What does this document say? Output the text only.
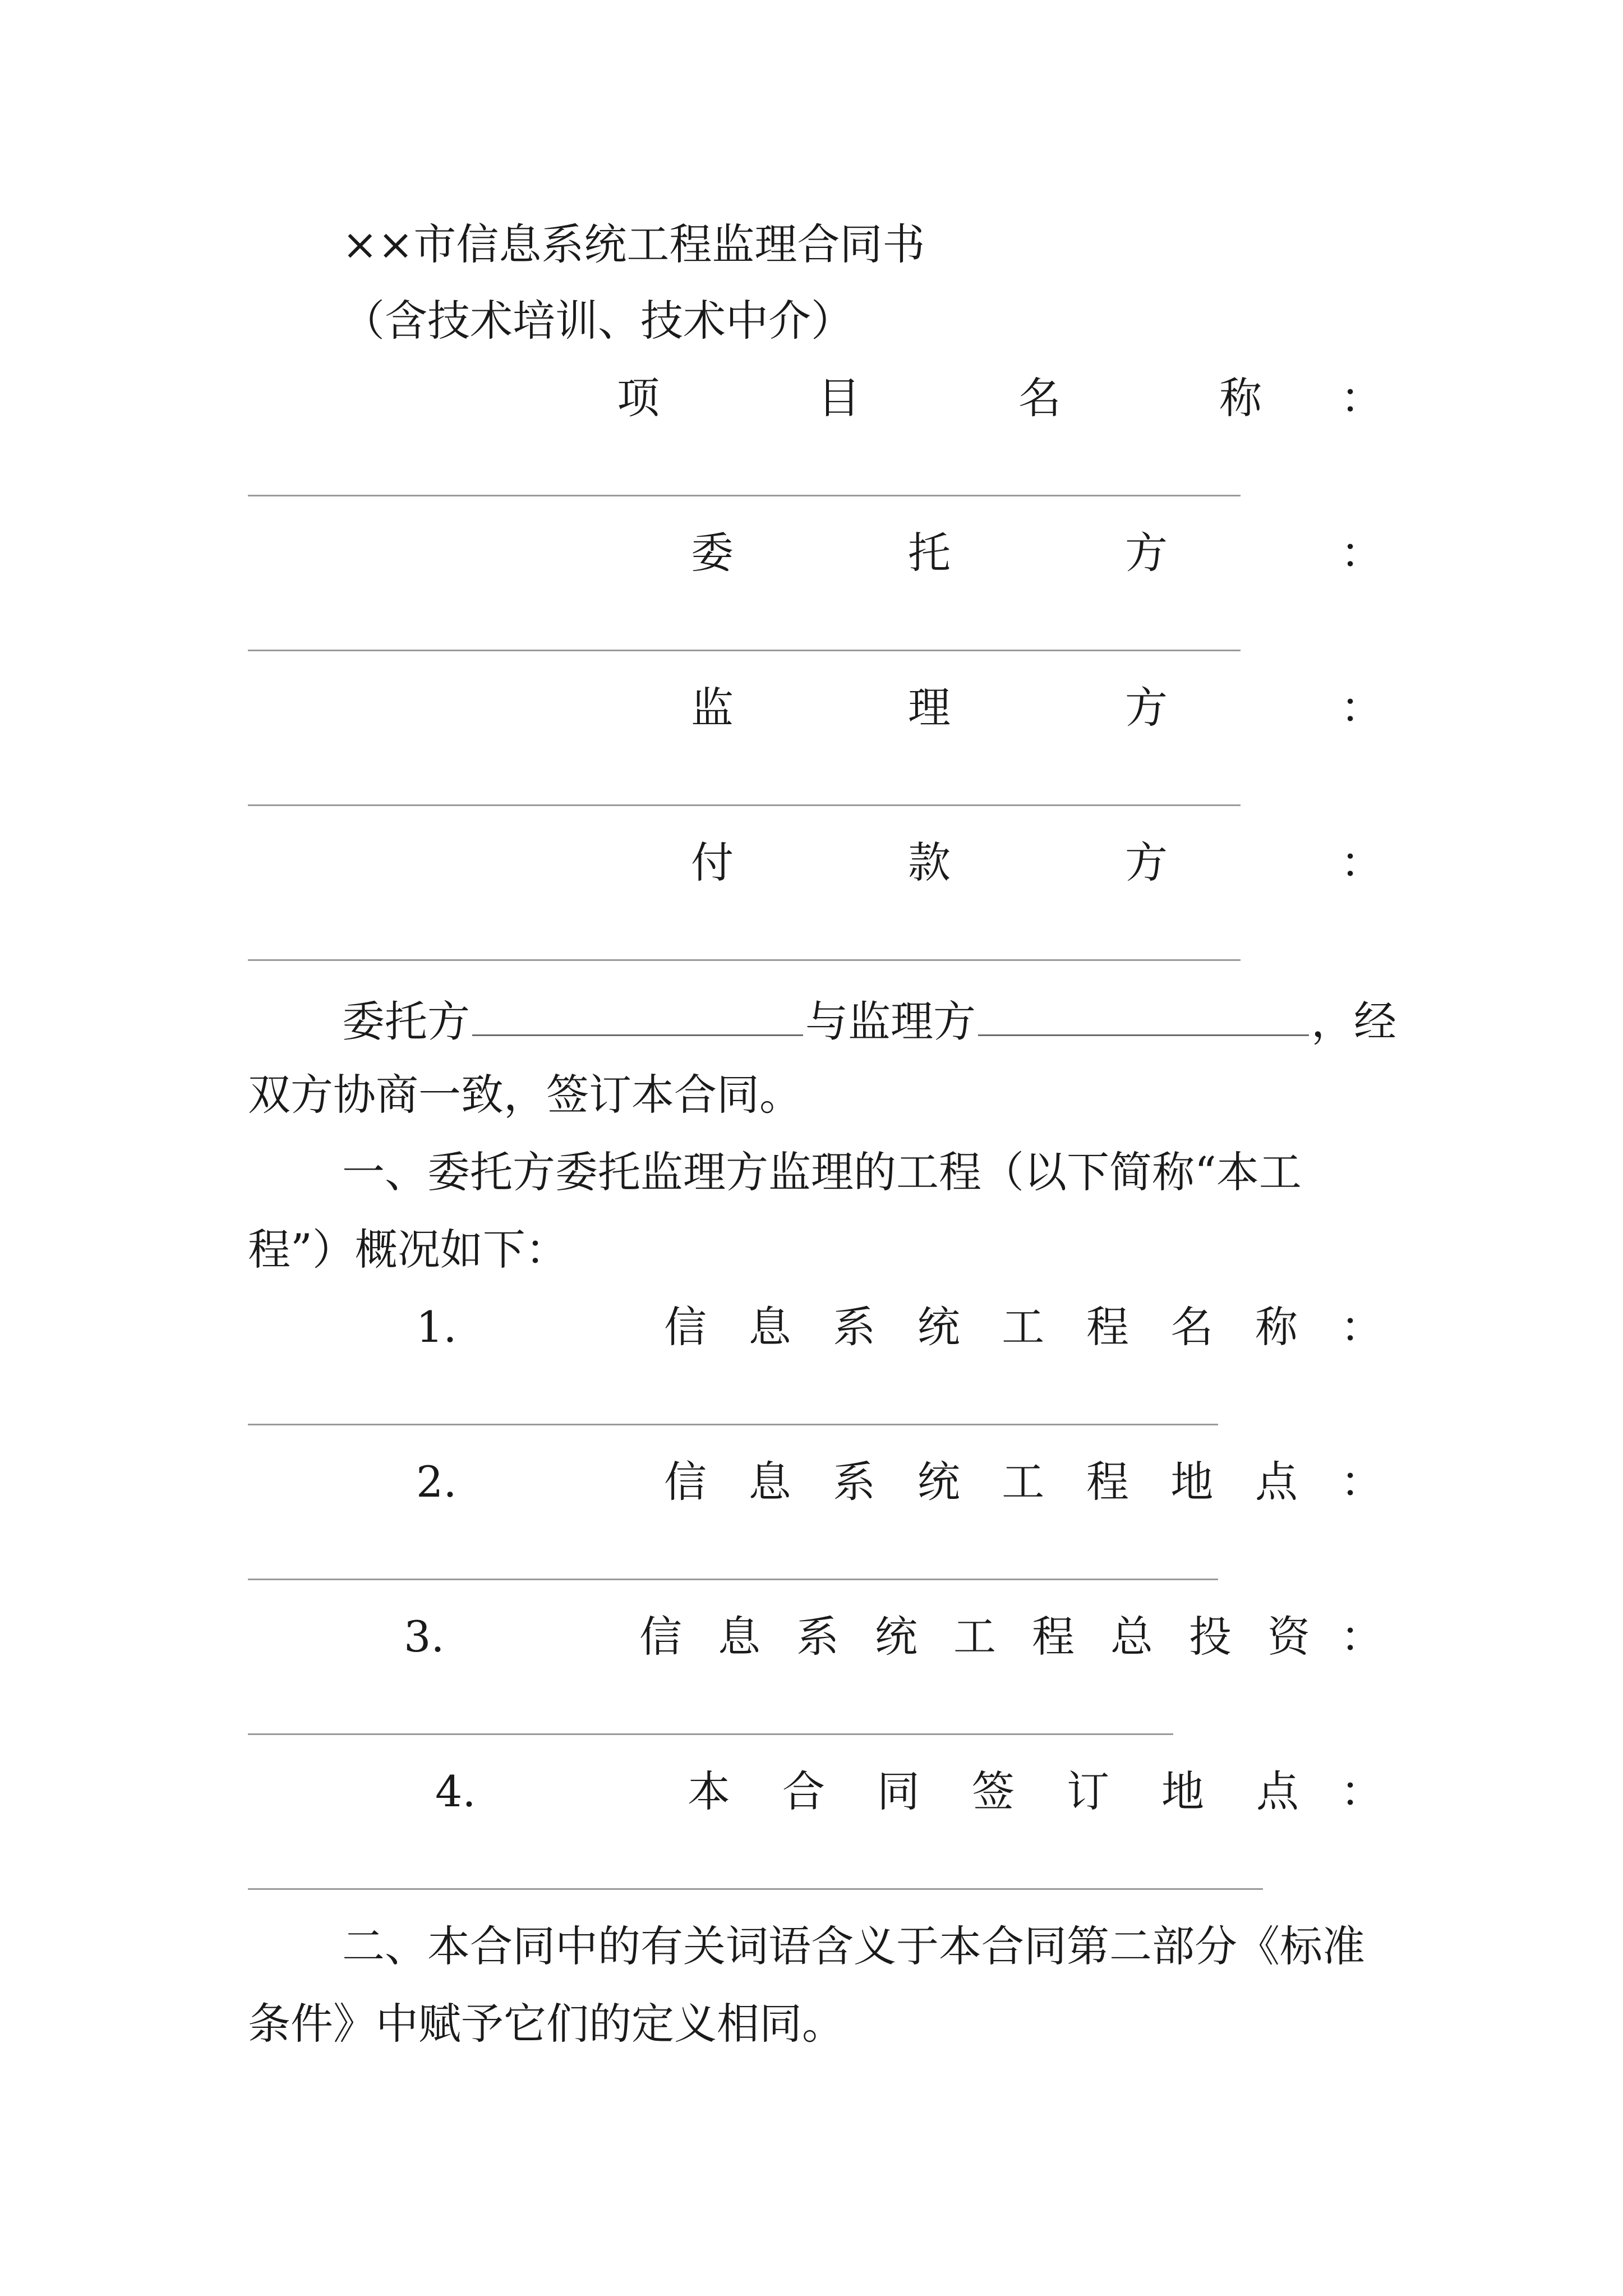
××市信息系统工程监理合同书
（含技术培训、技术中介）
项	目	名	称 ：
委	托	方	：
监	理	方	：
付	款	方	：
委托方	与监理方	，经
双方协商一致，签订本合同。
一、委托方委托监理方监理的工程（以下简称“本工
程”）概况如下：
1.	信 息 系 统 工 程 名 称 ：
2.	信 息 系 统 工 程 地 点 ：
3.	信 息 系 统 工 程 总 投 资 ：
4.	本 合 同 签 订 地 点 ：
二、本合同中的有关词语含义于本合同第二部分《标准
条件》中赋予它们的定义相同。
